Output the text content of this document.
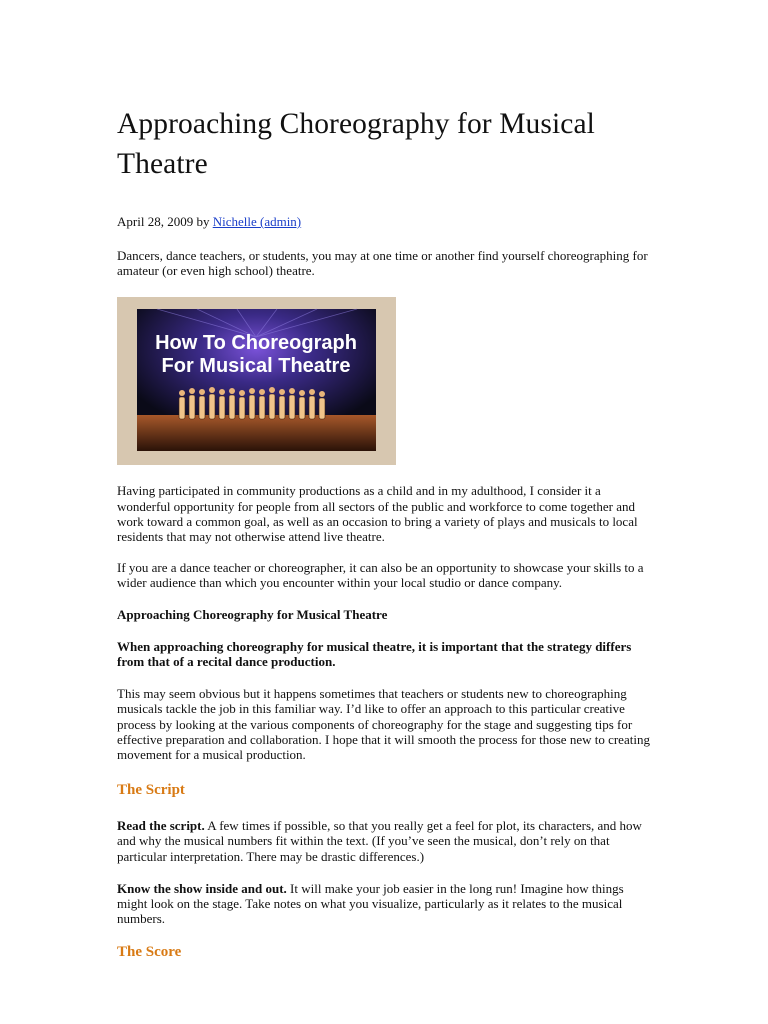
Approaching Choreography for Musical Theatre
April 28, 2009 by Nichelle (admin)

Dancers, dance teachers, or students, you may at one time or another find yourself choreographing for amateur (or even high school) theatre.

How To Choreograph
For Musical Theatre

Having participated in community productions as a child and in my adulthood, I consider it a wonderful opportunity for people from all sectors of the public and workforce to come together and work toward a common goal, as well as an occasion to bring a variety of plays and musicals to local residents that may not otherwise attend live theatre.

If you are a dance teacher or choreographer, it can also be an opportunity to showcase your skills to a wider audience than which you encounter within your local studio or dance company.

Approaching Choreography for Musical Theatre

When approaching choreography for musical theatre, it is important that the strategy differs from that of a recital dance production.

This may seem obvious but it happens sometimes that teachers or students new to choreographing musicals tackle the job in this familiar way. I’d like to offer an approach to this particular creative process by looking at the various components of choreography for the stage and suggesting tips for effective preparation and collaboration. I hope that it will smooth the process for those new to creating movement for a musical production.

The Script

Read the script. A few times if possible, so that you really get a feel for plot, its characters, and how and why the musical numbers fit within the text. (If you’ve seen the musical, don’t rely on that particular interpretation. There may be drastic differences.)

Know the show inside and out. It will make your job easier in the long run! Imagine how things might look on the stage. Take notes on what you visualize, particularly as it relates to the musical numbers.

The Score
